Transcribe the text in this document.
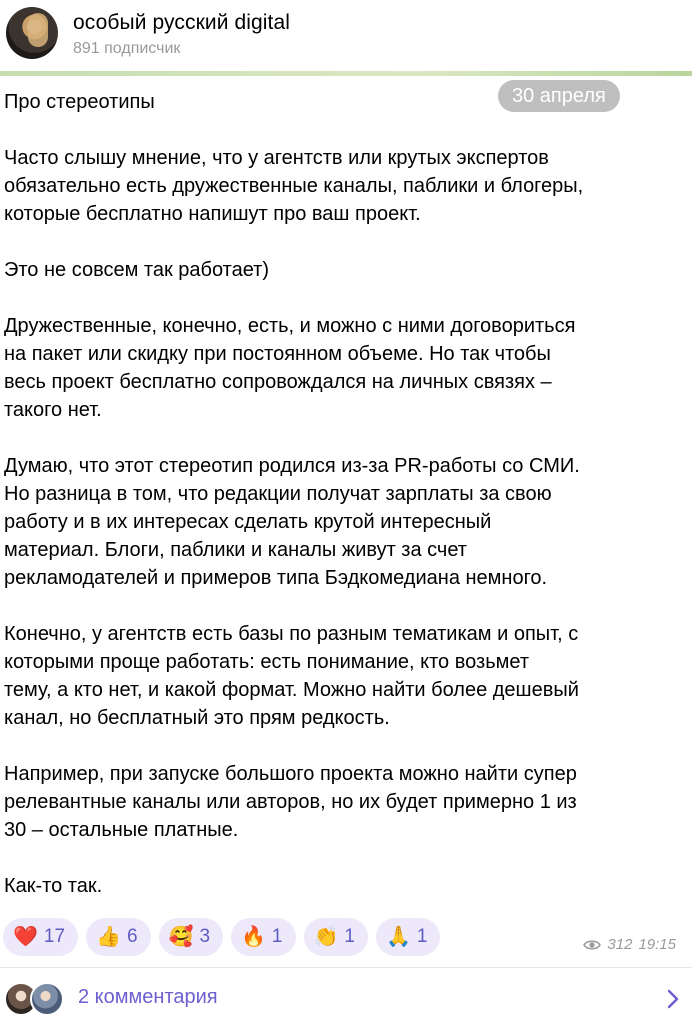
особый русский digital
891 подписчик

Про стереотипы

Часто слышу мнение, что у агентств или крутых экспертов
обязательно есть дружественные каналы, паблики и блогеры,
которые бесплатно напишут про ваш проект.

Это не совсем так работает)

Дружественные, конечно, есть, и можно с ними договориться
на пакет или скидку при постоянном объеме. Но так чтобы
весь проект бесплатно сопровождался на личных связях –
такого нет.

Думаю, что этот стереотип родился из-за PR-работы со СМИ.
Но разница в том, что редакции получат зарплаты за свою
работу и в их интересах сделать крутой интересный
материал. Блоги, паблики и каналы живут за счет
рекламодателей и примеров типа Бэдкомедиана немного.

Конечно, у агентств есть базы по разным тематикам и опыт, с
которыми проще работать: есть понимание, кто возьмет
тему, а кто нет, и какой формат. Можно найти более дешевый
канал, но бесплатный это прям редкость.

Например, при запуске большого проекта можно найти супер
релевантные каналы или авторов, но их будет примерно 1 из
30 – остальные платные.

Как-то так.

30 апреля
❤️ 17 👍 6 🥰 3 🔥 1 👏 1 🙏 1	312 19:15
2 комментария
